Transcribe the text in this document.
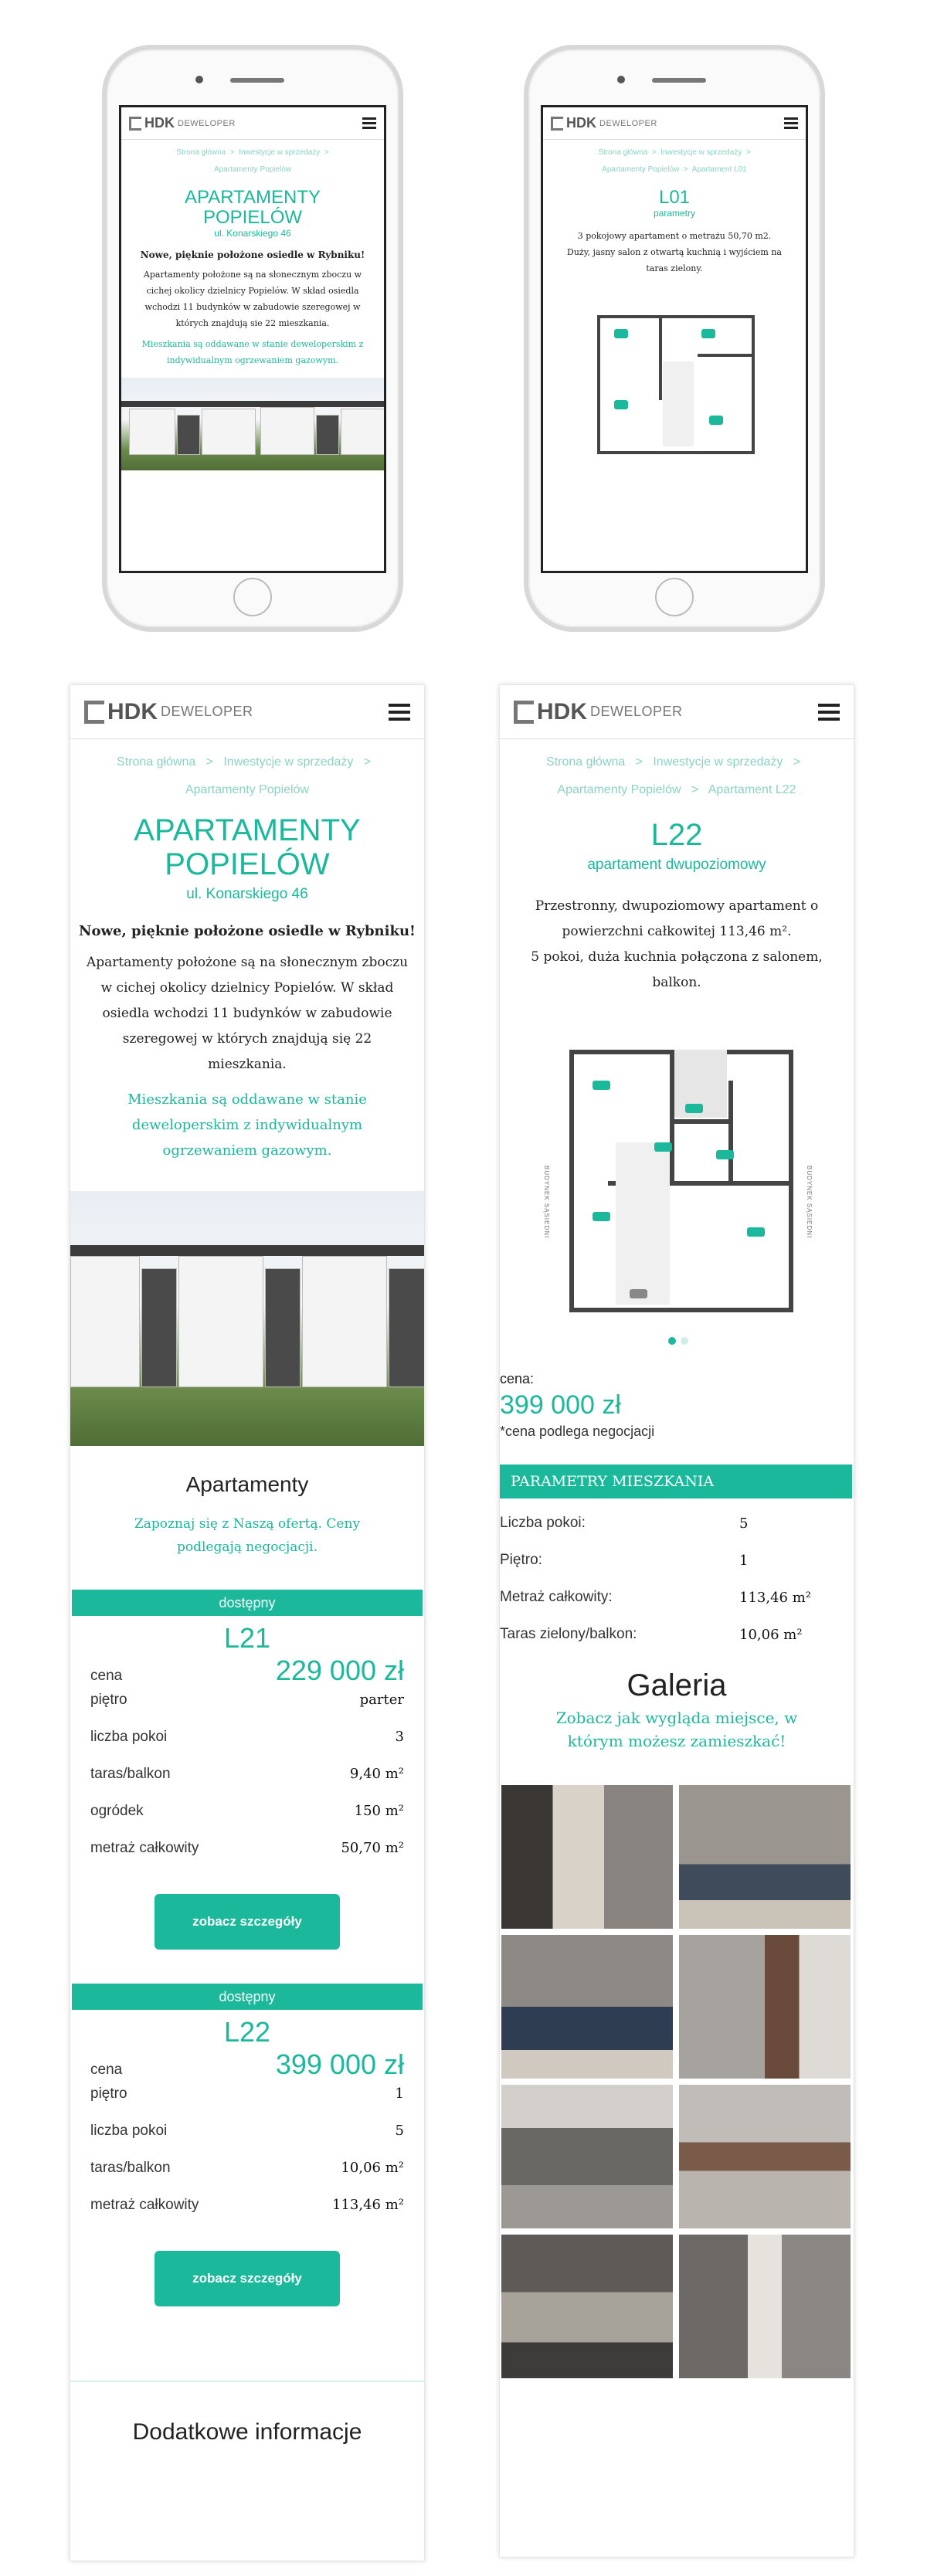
HDK DEWELOPER
Strona główna > Inwestycje w sprzedaży >
Apartamenty Popielów
APARTAMENTY POPIELÓW
ul. Konarskiego 46
Nowe, pięknie położone osiedle w Rybniku!
Apartamenty położone są na słonecznym zboczu w cichej okolicy dzielnicy Popielów. W skład osiedla wchodzi 11 budynków w zabudowie szeregowej w których znajdują sie 22 mieszkania.
Mieszkania są oddawane w stanie deweloperskim z indywidualnym ogrzewaniem gazowym.
HDK DEWELOPER
Strona główna > Inwestycje w sprzedaży >
Apartamenty Popielów > Apartament L01
L01
parametry
3 pokojowy apartament o metrażu 50,70 m2. Duży, jasny salon z otwartą kuchnią i wyjściem na taras zielony.

HDK DEWELOPER
Strona główna > Inwestycje w sprzedaży >   Apartamenty Popielów
APARTAMENTY POPIELÓW
ul. Konarskiego 46
Nowe, pięknie położone osiedle w Rybniku!
Apartamenty położone są na słonecznym zboczu w cichej okolicy dzielnicy Popielów. W skład osiedla wchodzi 11 budynków w zabudowie szeregowej w których znajdują się 22 mieszkania.
Mieszkania są oddawane w stanie deweloperskim z indywidualnym ogrzewaniem gazowym.
Apartamenty
Zapoznaj się z Naszą ofertą. Ceny podlegają negocjacji.
dostępny
L21
cena	229 000 zł
piętro	parter
liczba pokoi	3
taras/balkon	9,40 m²
ogródek	150 m²
metraż całkowity	50,70 m²
zobacz szczegóły
dostępny
L22
cena	399 000 zł
piętro	1
liczba pokoi	5
taras/balkon	10,06 m²
metraż całkowity	113,46 m²
zobacz szczegóły
Dodatkowe informacje
HDK DEWELOPER
Strona główna > Inwestycje w sprzedaży >   Apartamenty Popielów > Apartament L22
L22
apartament dwupoziomowy
Przestronny, dwupoziomowy apartament o powierzchni całkowitej 113,46 m².
5 pokoi, duża kuchnia połączona z salonem, balkon.
BUDYNEK SĄSIEDNI	BUDYNEK SĄSIEDNI

cena:
399 000 zł
*cena podlega negocjacji
PARAMETRY MIESZKANIA
Liczba pokoi:	5
Piętro:	1
Metraż całkowity:	113,46 m²
Taras zielony/balkon:	10,06 m²
Galeria
Zobacz jak wygląda miejsce, w którym możesz zamieszkać!
